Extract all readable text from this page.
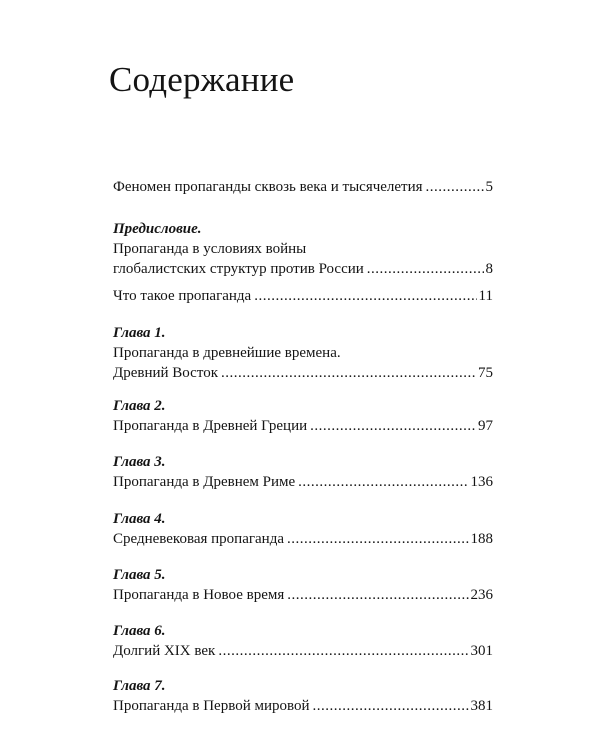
Содержание
Феномен пропаганды сквозь века и тысячелетия .....	5
Предисловие.
Пропаганда в условиях войны
глобалистских структур против России .....	8
Что такое пропаганда .....	11
Глава 1.
Пропаганда в древнейшие времена.
Древний Восток .....	75
Глава 2.
Пропаганда в Древней Греции .....	97
Глава 3.
Пропаганда в Древнем Риме .....	136
Глава 4.
Средневековая пропаганда .....	188
Глава 5.
Пропаганда в Новое время .....	236
Глава 6.
Долгий XIX век .....	301
Глава 7.
Пропаганда в Первой мировой .....	381
